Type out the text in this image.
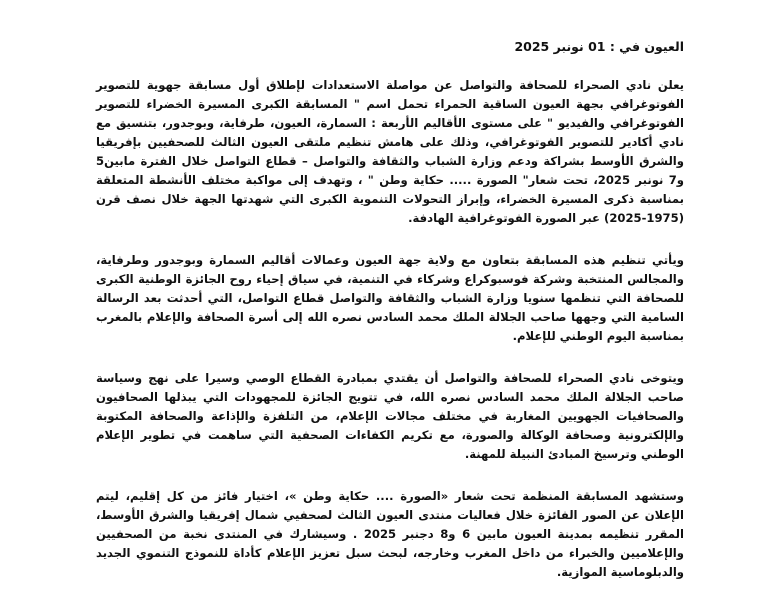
العيون في : 01 نونبر 2025

يعلن نادي الصحراء للصحافة والتواصل عن مواصلة الاستعدادات لإطلاق أول مسابقة جهوية للتصوير الفوتوغرافي بجهة العيون الساقية الحمراء تحمل اسم " المسابقة الكبرى المسيرة الخضراء للتصوير الفوتوغرافي والفيديو " على مستوى الأقاليم الأربعة : السمارة، العيون، طرفاية، وبوجدور، بتنسيق مع نادي أكادير للتصوير الفوتوغرافي، وذلك على هامش تنظيم ملتقى العيون الثالث للصحفيين بإفريقيا والشرق الأوسط بشراكة ودعم وزارة الشباب والثقافة والتواصل – قطاع التواصل خلال الفترة مابين5 و7 نونبر 2025، تحت شعار" الصورة ..... حكاية وطن " ، وتهدف إلى مواكبة مختلف الأنشطة المتعلقة بمناسبة ذكرى المسيرة الخضراء، وإبراز التحولات التنموية الكبرى التي شهدتها الجهة خلال نصف قرن (1975-2025) عبر الصورة الفوتوغرافية الهادفة.

ويأتي تنظيم هذه المسابقة بتعاون مع ولاية جهة العيون وعمالات أقاليم السمارة وبوجدور وطرفاية، والمجالس المنتخبة وشركة فوسبوكراع وشركاء في التنمية، في سياق إحياء روح الجائزة الوطنية الكبرى للصحافة التي تنظمها سنويا وزارة الشباب والثقافة والتواصل قطاع التواصل، التي أحدثت بعد الرسالة السامية التي وجهها صاحب الجلالة الملك محمد السادس نصره الله إلى أسرة الصحافة والإعلام بالمغرب بمناسبة اليوم الوطني للإعلام.

ويتوخى نادي الصحراء للصحافة والتواصل أن يقتدي بمبادرة القطاع الوصي وسيرا على نهج وسياسة صاحب الجلالة الملك محمد السادس نصره الله، في تتويج الجائزة للمجهودات التي يبذلها الصحافيون والصحافيات الجهويين المغاربة في مختلف مجالات الإعلام، من التلفزة والإذاعة والصحافة المكتوبة والإلكترونية وصحافة الوكالة والصورة، مع تكريم الكفاءات الصحفية التي ساهمت في تطوير الإعلام الوطني وترسيخ المبادئ النبيلة للمهنة.

وستشهد المسابقة المنظمة تحت شعار «الصورة .... حكاية وطن »، اختيار فائز من كل إقليم، ليتم الإعلان عن الصور الفائزة خلال فعاليات منتدى العيون الثالث لصحفيي شمال إفريقيا والشرق الأوسط، المقرر تنظيمه بمدينة العيون مابين 6 و8 دجنبر 2025 . وسيشارك في المنتدى نخبة من الصحفيين والإعلاميين والخبراء من داخل المغرب وخارجه، لبحث سبل تعزيز الإعلام كأداة للنموذج التنموي الجديد والدبلوماسية الموازية.
